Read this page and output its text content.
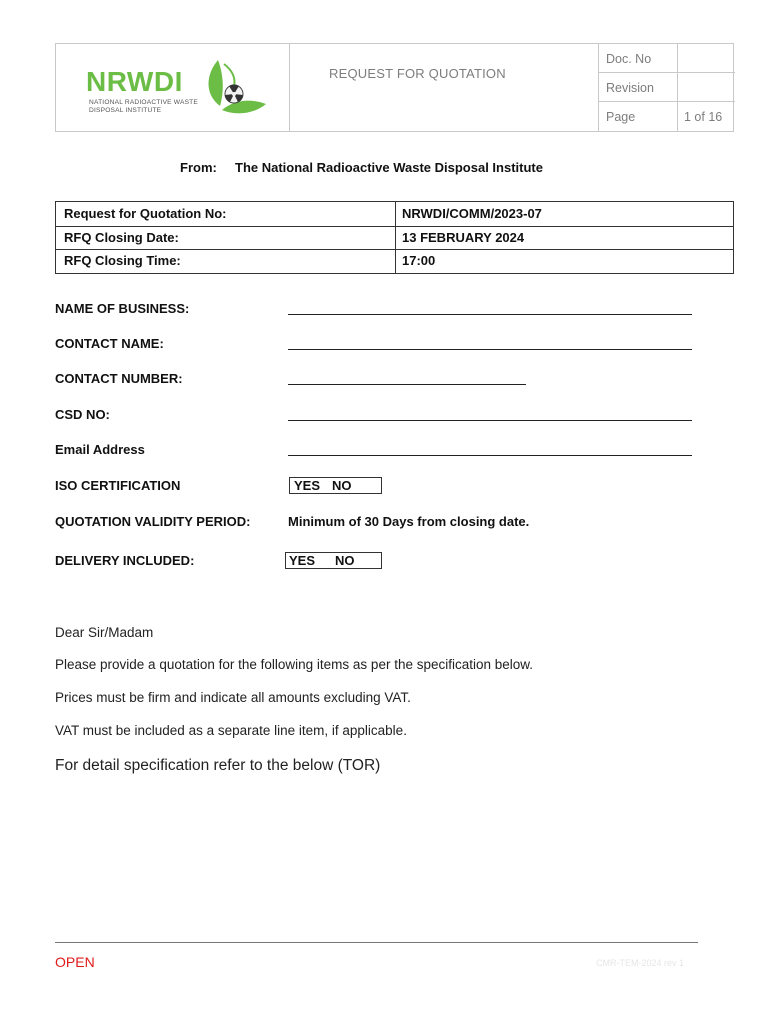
NRWDI
NATIONAL RADIOACTIVE WASTE
DISPOSAL INSTITUTE
REQUEST FOR QUOTATION
Doc. No
Revision
Page	1 of 16
From: The National Radioactive Waste Disposal Institute
Request for Quotation No:	NRWDI/COMM/2023-07
RFQ Closing Date:	13 FEBRUARY 2024
RFQ Closing Time:	17:00
NAME OF BUSINESS:
CONTACT NAME:
CONTACT NUMBER:
CSD NO:
Email Address
ISO CERTIFICATION	YES NO
QUOTATION VALIDITY PERIOD:	Minimum of 30 Days from closing date.
DELIVERY INCLUDED:	YES NO
Dear Sir/Madam
Please provide a quotation for the following items as per the specification below.
Prices must be firm and indicate all amounts excluding VAT.
VAT must be included as a separate line item, if applicable.
For detail specification refer to the below (TOR)
OPEN	CMR-TEM-2024 rev 1
